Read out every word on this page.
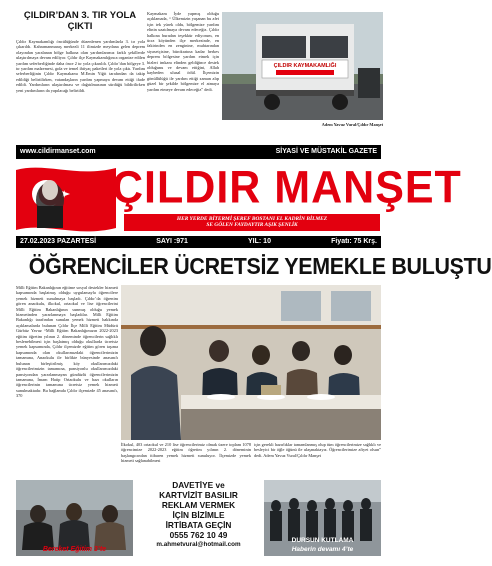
ÇILDIR’DAN 3. TIR YOLA ÇIKTI
Çıldır Kaymakamlığı öncülüğünde düzenlenen yardımlarla 3. tır yola çıkarıldı. Kahramanmaraş merkezli 11 ilimizde meydana gelen deprem olayından yaralanan bölge halkına olan yardımlarımız farklı şekillerde ulaştırılmaya devam ediliyor. Çıldır ilçe Kaymakamlığınca organize edilen yardım seferberliğinde daha önce 2 tır yola çıkarıldı. Çıldır’dan bölgeye 3. tır yardım malzemesi, gıda ve temel ihtiyaç paketleri ile yola çıktı. Yardım seferberliğinin Çıldır Kaymakamı M.Emin Yiğit tarafından da takip edildiği belirtilirken, vatandaşların yardım yapmaya devam ettiği ifade edildi. Yardımların ulaştırılması ve dağıtılmasının sürdüğü bildirilirken yeni yardımların da yapılacağı belirtildi.
Kaymakam İyde yapmış olduğu açıklamada, “ Ülkemizin yaşanan bu afet için tek yürek oldu, bölgemize yardım elinin uzatılmaya devam edeceğiz. Çıldır halkına buradan teşekkür ediyorum, en ücra köyünden ilçe merkezinde, en fakirinden en zenginine, muhtarından siyasetçisine, bürokratına kadar herkes deprem bölgesine yardım etmek için bizleri imkanı elinden geldiğince destek olduğunu ve devam ettiğini, Allah kaybeden ulusal ödül. İlçemizin gönüllülüğü ile yardım ettiği zaman alıp güzel bir şekilde bölgemize el atmaya yardım etmeye devam edeceğiz” dedi.
ÇILDIR KAYMAKAMLIĞI
Adem Yavuz Vural/Çıldır Manşet
www.cildirmanset.com	SİYASİ VE MÜSTAKİL GAZETE
ÇILDIR MANŞET
HER YERDE BİTERMİ ŞEREF BOSTANI EL KADRİN BİLMEZ
SE GÖLEN FAYDAYTIR AŞIK ŞENLİK
27.02.2023 PAZARTESİ	SAYI :971	YIL: 10	Fiyatı: 75 Krş.
ÖĞRENCİLER ÜCRETSİZ YEMEKLE BULUŞTU
Milli Eğitim Bakanlığının eğitime sosyal destekler hizmeti kapsamında başlatmış olduğu uygulamayla öğrencilere yemek hizmeti sunulmaya başladı. Çıldır’da öğrenim gören anaokulu, ilkokul, ortaokul ve lise öğrencilerini Milli Eğitim Bakanlığının sunmuş olduğu yemek hizmetinden yararlanmaya başladılar. Milli Eğitim Bakanlığı tarafından sunulan yemek hizmeti hakkında açıklamalarda bulunan Çıldır İlçe Milli Eğitim Müdürü Gürbüz Yavuz “Milli Eğitim Bakanlığımızın 2022-2023 eğitim öğretim yılının 2. döneminde öğrencilerin sağlıklı beslenebilmesi için başlatmış olduğu okullarda ücretsiz yemek kapsamında, Çıldır ilçemizde eğitim gören taşıma kapsamında olan okullarımızdaki öğrencilerimizin tamamına, Anaokulu ile birlikte bünyesinde anasınıfı bulunan birleştirilmiş köy okullarımızdaki öğrencilerimizin tamamına, pansiyonlu okullarımızdaki pansiyondan yararlanmayan gündüzlü öğrencilerimizin tamamına, İmam Hatip Ortaokulu ve bazı okulların öğrencilerinin tamamına ücretsiz yemek hizmeti sunulmaktadır. Bu bağlamda Çıldır ilçemizde 45 anasınıfı, 370
İlkokul, 403 ortaokul ve 210 lise öğrencilerimiz olmak üzere toplam 1078 öğrencimize 2022-2023 eğitim öğretim yılının 2. döneminin başlangıcından itibaren yemek hizmeti sunuluyor. İlçemizde yemek hizmeti sağlanabilmesi
için gerekli hazırlıklar tamamlanmış olup tüm öğrencilerimize sağlıklı ve besleyici bir öğle öğünü ile ulaşmaktayız. Öğrencilerimize afiyet olsun” dedi. Adem Yavuz Vural/Çıldır Manşet
Bereket Eğitim 3’te
DAVETİYE ve
KARTVİZİT BASILIR
REKLAM VERMEK
İÇİN BİZİMLE
İRTİBATA GEÇİN
0555 762 10 49
m.ahmetvural@hotmail.com
DURSUN KUTLAMA
Haberin devamı 4’te
